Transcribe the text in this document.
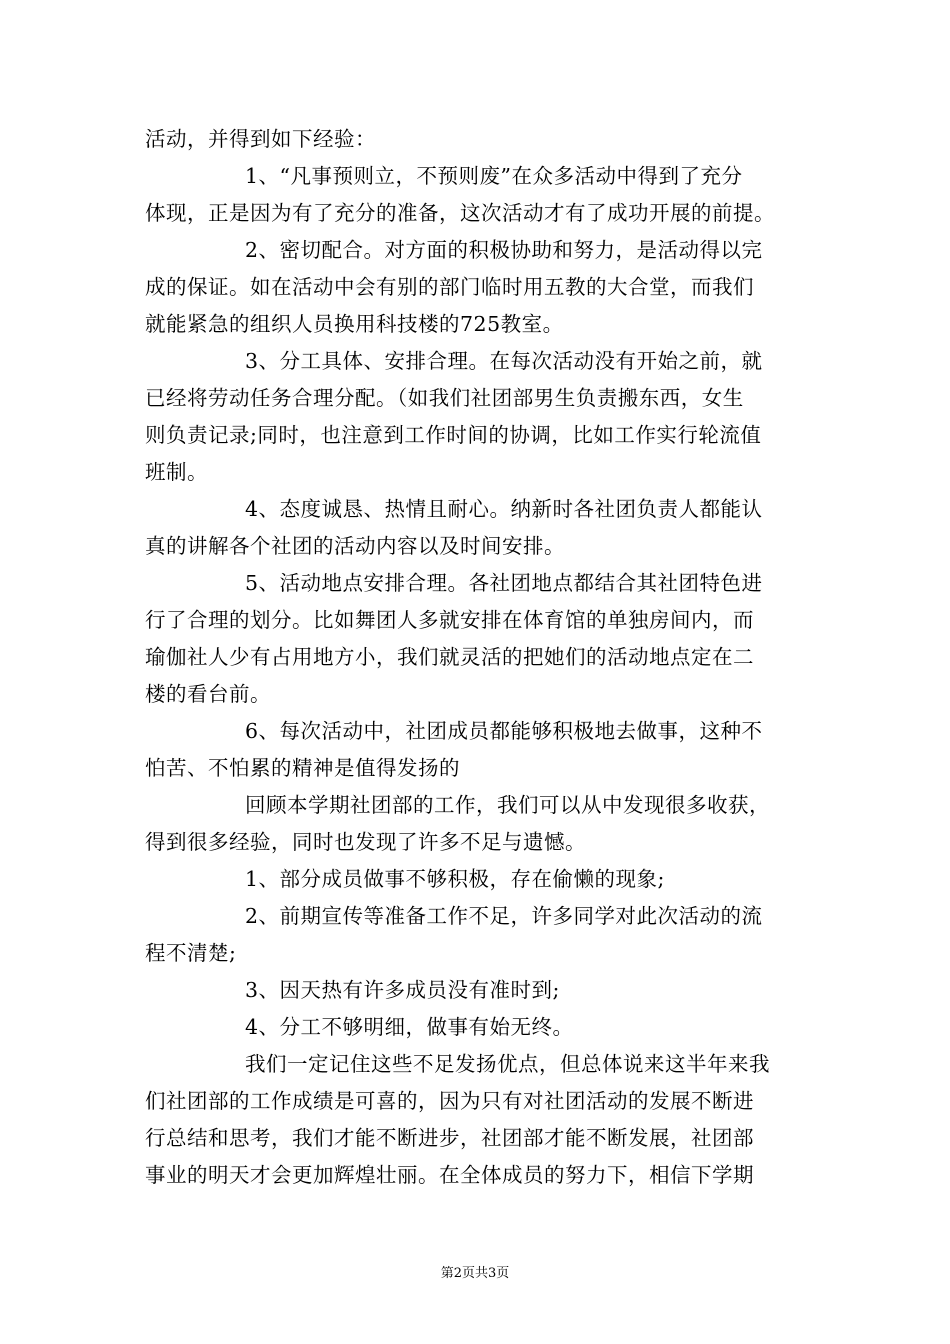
活动，并得到如下经验：
1、“凡事预则立，不预则废”在众多活动中得到了充分
体现，正是因为有了充分的准备，这次活动才有了成功开展的前提。
2、密切配合。对方面的积极协助和努力，是活动得以完
成的保证。如在活动中会有别的部门临时用五教的大合堂，而我们
就能紧急的组织人员换用科技楼的725教室。
3、分工具体、安排合理。在每次活动没有开始之前，就
已经将劳动任务合理分配。（如我们社团部男生负责搬东西，女生
则负责记录;同时，也注意到工作时间的协调，比如工作实行轮流值
班制。
4、态度诚恳、热情且耐心。纳新时各社团负责人都能认
真的讲解各个社团的活动内容以及时间安排。
5、活动地点安排合理。各社团地点都结合其社团特色进
行了合理的划分。比如舞团人多就安排在体育馆的单独房间内，而
瑜伽社人少有占用地方小，我们就灵活的把她们的活动地点定在二
楼的看台前。
6、每次活动中，社团成员都能够积极地去做事，这种不
怕苦、不怕累的精神是值得发扬的
回顾本学期社团部的工作，我们可以从中发现很多收获，
得到很多经验，同时也发现了许多不足与遗憾。
1、部分成员做事不够积极，存在偷懒的现象;
2、前期宣传等准备工作不足，许多同学对此次活动的流
程不清楚;
3、因天热有许多成员没有准时到;
4、分工不够明细，做事有始无终。
我们一定记住这些不足发扬优点，但总体说来这半年来我
们社团部的工作成绩是可喜的，因为只有对社团活动的发展不断进
行总结和思考，我们才能不断进步，社团部才能不断发展，社团部
事业的明天才会更加辉煌壮丽。在全体成员的努力下，相信下学期
第2页共3页
